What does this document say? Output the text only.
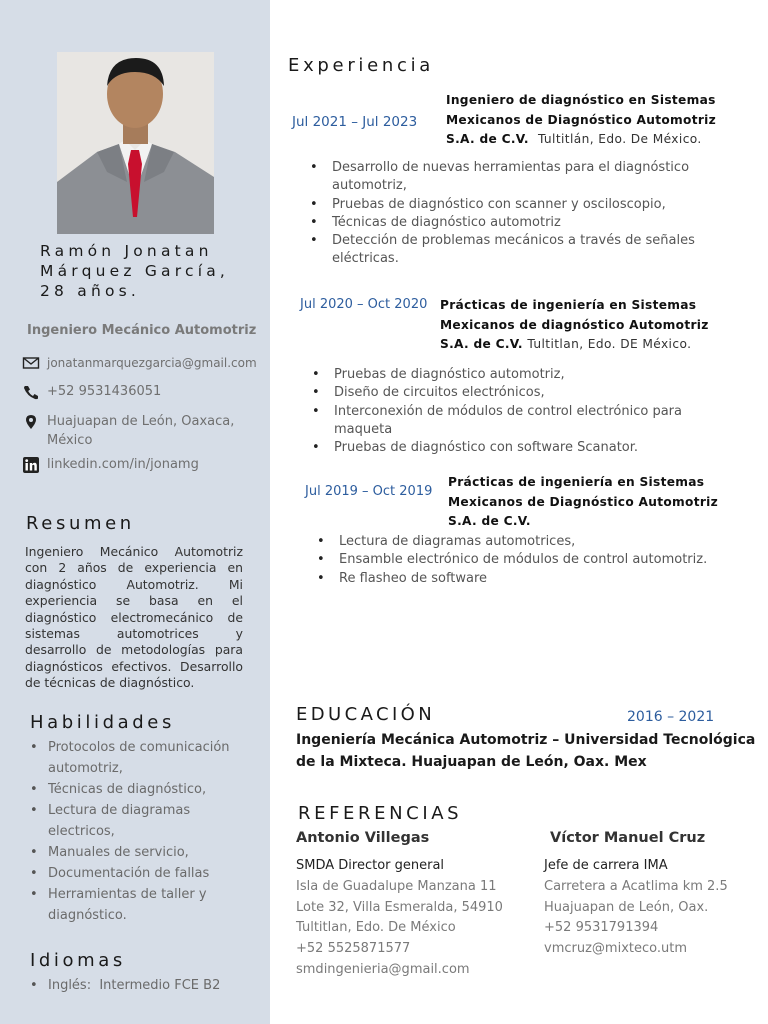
Ramón Jonatan
Márquez García,
28 años.
Ingeniero Mecánico Automotriz
jonatanmarquezgarcia@gmail.com
+52 9531436051
Huajuapan de León, Oaxaca,
México
linkedin.com/in/jonamg
Resumen
Ingeniero Mecánico Automotriz
con 2 años de experiencia en
diagnóstico Automotriz. Mi
experiencia se basa en el
diagnóstico electromecánico de
sistemas automotrices y
desarrollo de metodologías para
diagnósticos efectivos. Desarrollo
de técnicas de diagnóstico.
Habilidades
• Protocolos de comunicación
automotriz,
• Técnicas de diagnóstico,
• Lectura de diagramas
electricos,
• Manuales de servicio,
• Documentación de fallas
• Herramientas de taller y
diagnóstico.
Idiomas
• Inglés:  Intermedio FCE B2
Experiencia
Jul 2021 – Jul 2023
Ingeniero de diagnóstico en Sistemas
Mexicanos de Diagnóstico Automotriz
S.A. de C.V. Tultitlán, Edo. De México.
• Desarrollo de nuevas herramientas para el diagnóstico
automotriz,
• Pruebas de diagnóstico con scanner y osciloscopio,
• Técnicas de diagnóstico automotriz
• Detección de problemas mecánicos a través de señales
eléctricas.
Jul 2020 – Oct 2020 Prácticas de ingeniería en Sistemas
Mexicanos de diagnóstico Automotriz
S.A. de C.V. Tultitlan, Edo. DE México.
• Pruebas de diagnóstico automotriz,
• Diseño de circuitos electrónicos,
• Interconexión de módulos de control electrónico para
maqueta
• Pruebas de diagnóstico con software Scanator.
Jul 2019 – Oct 2019
Prácticas de ingeniería en Sistemas
Mexicanos de Diagnóstico Automotriz
S.A. de C.V.
• Lectura de diagramas automotrices,
• Ensamble electrónico de módulos de control automotriz.
• Re flasheo de software
EDUCACIÓN	2016 – 2021
Ingeniería Mecánica Automotriz – Universidad Tecnológica
de la Mixteca. Huajuapan de León, Oax. Mex
REFERENCIAS
Antonio Villegas
SMDA Director general
Isla de Guadalupe Manzana 11
Lote 32, Villa Esmeralda, 54910
Tultitlan, Edo. De México
+52 5525871577
smdingenieria@gmail.com
Víctor Manuel Cruz
Jefe de carrera IMA
Carretera a Acatlima km 2.5
Huajuapan de León, Oax.
+52 9531791394
vmcruz@mixteco.utm
